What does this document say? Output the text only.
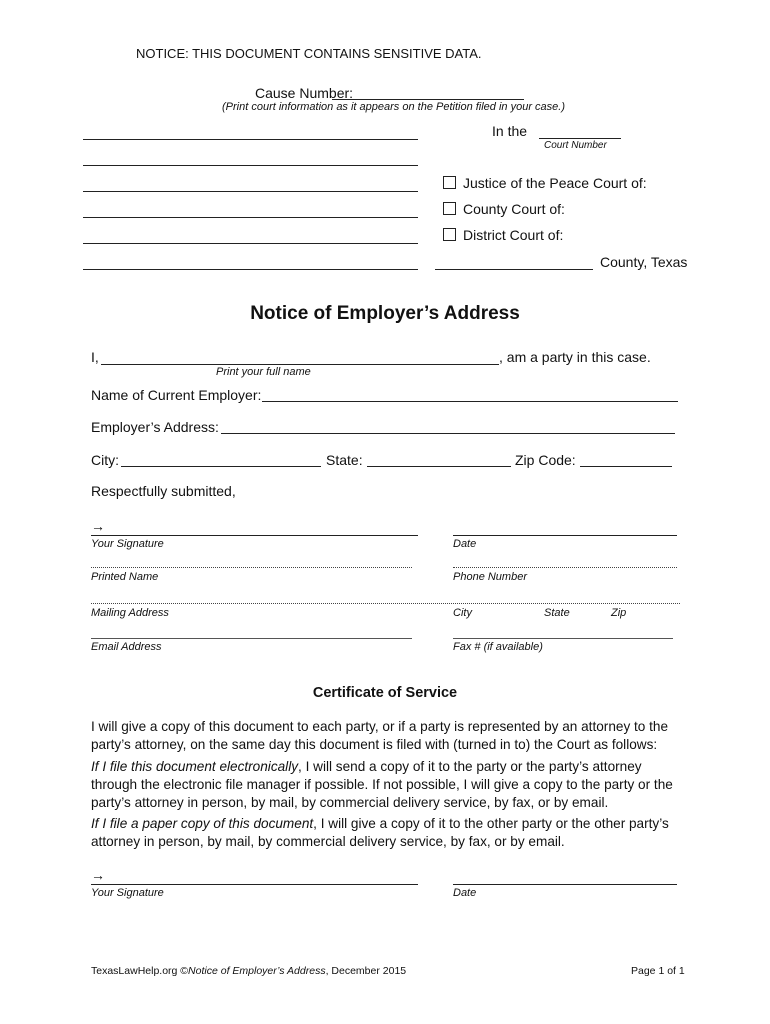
NOTICE: THIS DOCUMENT CONTAINS SENSITIVE DATA.
Cause Number:
(Print court information as it appears on the Petition filed in your case.)
In the
Court Number
Justice of the Peace Court of:
County Court of:
District Court of:
County, Texas
Notice of Employer’s Address
I,	, am a party in this case.
Print your full name
Name of Current Employer:
Employer’s Address:
City:	State:	Zip Code:
Respectfully submitted,
→
Your Signature	Date
Printed Name	Phone Number
Mailing Address	City	State	Zip
Email Address	Fax # (if available)
Certificate of Service
I will give a copy of this document to each party, or if a party is represented by an attorney to the party’s attorney, on the same day this document is filed with (turned in to) the Court as follows:
If I file this document electronically, I will send a copy of it to the party or the party’s attorney through the electronic file manager if possible. If not possible, I will give a copy to the party or the party’s attorney in person, by mail, by commercial delivery service, by fax, or by email.
If I file a paper copy of this document, I will give a copy of it to the other party or the other party’s attorney in person, by mail, by commercial delivery service, by fax, or by email.
→
Your Signature	Date
TexasLawHelp.org ©Notice of Employer’s Address, December 2015	Page 1 of 1
